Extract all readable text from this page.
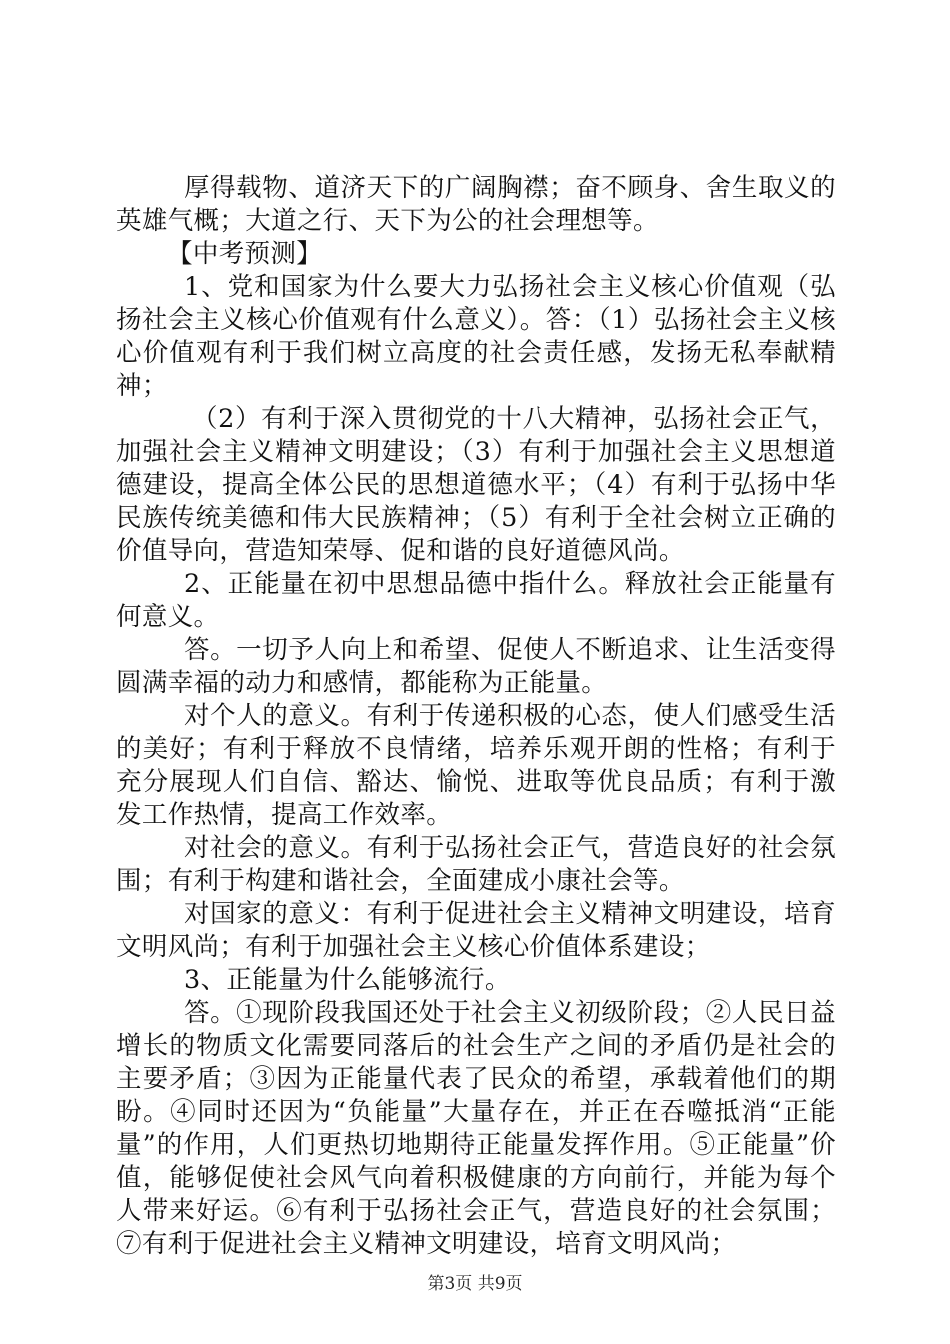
厚得载物、道济天下的广阔胸襟；奋不顾身、舍生取义的英雄气概；大道之行、天下为公的社会理想等。

【中考预测】

1、党和国家为什么要大力弘扬社会主义核心价值观（弘扬社会主义核心价值观有什么意义）。答：（1）弘扬社会主义核心价值观有利于我们树立高度的社会责任感，发扬无私奉献精神；

（2）有利于深入贯彻党的十八大精神，弘扬社会正气，加强社会主义精神文明建设；（3）有利于加强社会主义思想道德建设，提高全体公民的思想道德水平；（4）有利于弘扬中华民族传统美德和伟大民族精神；（5）有利于全社会树立正确的价值导向，营造知荣辱、促和谐的良好道德风尚。

2、正能量在初中思想品德中指什么。释放社会正能量有何意义。

答。一切予人向上和希望、促使人不断追求、让生活变得圆满幸福的动力和感情，都能称为正能量。

对个人的意义。有利于传递积极的心态，使人们感受生活的美好；有利于释放不良情绪，培养乐观开朗的性格；有利于充分展现人们自信、豁达、愉悦、进取等优良品质；有利于激发工作热情，提高工作效率。

对社会的意义。有利于弘扬社会正气，营造良好的社会氛围；有利于构建和谐社会，全面建成小康社会等。

对国家的意义：有利于促进社会主义精神文明建设，培育文明风尚；有利于加强社会主义核心价值体系建设；

3、正能量为什么能够流行。

答。①现阶段我国还处于社会主义初级阶段；②人民日益增长的物质文化需要同落后的社会生产之间的矛盾仍是社会的主要矛盾；③因为正能量代表了民众的希望，承载着他们的期盼。④同时还因为“负能量”大量存在，并正在吞噬抵消“正能量”的作用，人们更热切地期待正能量发挥作用。⑤正能量”价值，能够促使社会风气向着积极健康的方向前行，并能为每个人带来好运。⑥有利于弘扬社会正气，营造良好的社会氛围；⑦有利于促进社会主义精神文明建设，培育文明风尚；

第3页 共9页
